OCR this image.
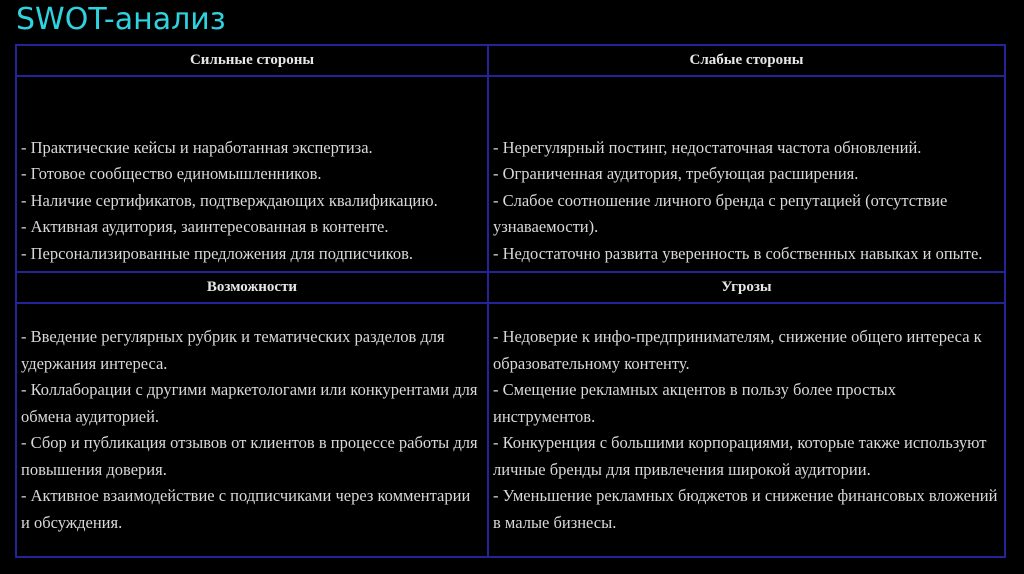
SWOT-анализ
Сильные стороны	Слабые стороны
- Практические кейсы и наработанная экспертиза.
- Готовое сообщество единомышленников.
- Наличие сертификатов, подтверждающих квалификацию.
- Активная аудитория, заинтересованная в контенте.
- Персонализированные предложения для подписчиков.
- Нерегулярный постинг, недостаточная частота обновлений.
- Ограниченная аудитория, требующая расширения.
- Слабое соотношение личного бренда с репутацией (отсутствие узнаваемости).
- Недостаточно развита уверенность в собственных навыках и опыте.
Возможности	Угрозы
- Введение регулярных рубрик и тематических разделов для удержания интереса.
- Коллаборации с другими маркетологами или конкурентами для обмена аудиторией.
- Сбор и публикация отзывов от клиентов в процессе работы для повышения доверия.
- Активное взаимодействие с подписчиками через комментарии и обсуждения.
- Недоверие к инфо-предпринимателям, снижение общего интереса к образовательному контенту.
- Смещение рекламных акцентов в пользу более простых инструментов.
- Конкуренция с большими корпорациями, которые также используют личные бренды для привлечения широкой аудитории.
- Уменьшение рекламных бюджетов и снижение финансовых вложений в малые бизнесы.
